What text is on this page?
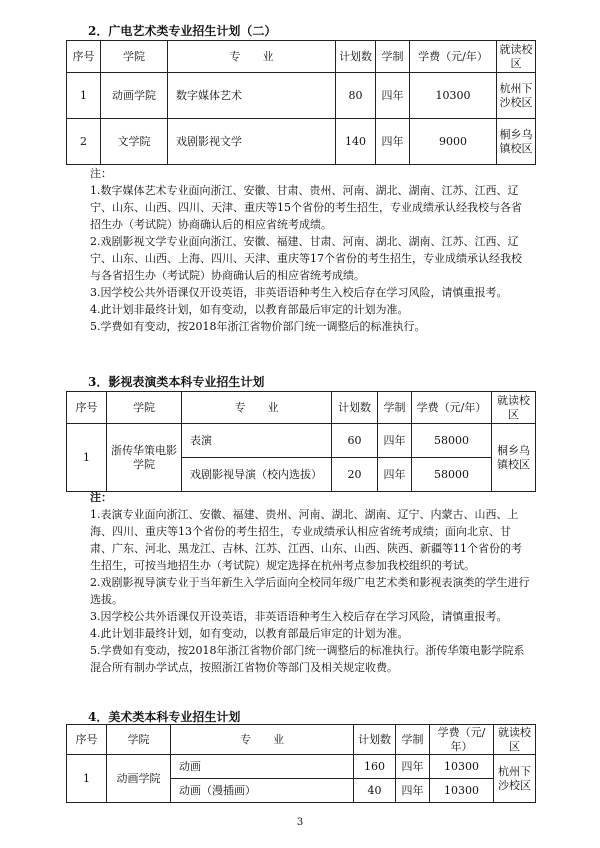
2．广电艺术类专业招生计划（二）
序号	学院	专　　业	计划数	学制	学费（元/年）	就读校区
1	动画学院	数字媒体艺术	80	四年	10300	杭州下沙校区
2	文学院	戏剧影视文学	140	四年	9000	桐乡乌镇校区
注：

1.数字媒体艺术专业面向浙江、安徽、甘肃、贵州、河南、湖北、湖南、江苏、江西、辽宁、山东、山西、四川、天津、重庆等15个省份的考生招生，专业成绩承认经我校与各省招生办（考试院）协商确认后的相应省统考成绩。

2.戏剧影视文学专业面向浙江、安徽、福建、甘肃、河南、湖北、湖南、江苏、江西、辽宁、山东、山西、上海、四川、天津、重庆等17个省份的考生招生，专业成绩承认经我校与各省招生办（考试院）协商确认后的相应省统考成绩。

3.因学校公共外语课仅开设英语，非英语语种考生入校后存在学习风险，请慎重报考。

4.此计划非最终计划，如有变动，以教育部最后审定的计划为准。

5.学费如有变动，按2018年浙江省物价部门统一调整后的标准执行。

3．影视表演类本科专业招生计划
序号	学院	专　　业	计划数	学制	学费（元/年）	就读校区
1	浙传华策电影学院	表演	60	四年	58000	桐乡乌镇校区
		戏剧影视导演（校内选拔）	20	四年	58000	
注：

1.表演专业面向浙江、安徽、福建、贵州、河南、湖北、湖南、辽宁、内蒙古、山西、上海、四川、重庆等13个省份的考生招生，专业成绩承认相应省统考成绩；面向北京、甘肃、广东、河北、黑龙江、吉林、江苏、江西、山东、山西、陕西、新疆等11个省份的考生招生，可按当地招生办（考试院）规定选择在杭州考点参加我校组织的考试。

2.戏剧影视导演专业于当年新生入学后面向全校同年级广电艺术类和影视表演类的学生进行选拔。

3.因学校公共外语课仅开设英语，非英语语种考生入校后存在学习风险，请慎重报考。

4.此计划非最终计划，如有变动，以教育部最后审定的计划为准。

5.学费如有变动，按2018年浙江省物价部门统一调整后的标准执行。浙传华策电影学院系混合所有制办学试点，按照浙江省物价等部门及相关规定收费。

4．美术类本科专业招生计划
序号	学院	专　　业	计划数	学制	学费（元/年）	就读校区
1	动画学院	动画	160	四年	10300	杭州下沙校区
		动画（漫插画）	40	四年	10300	
3
